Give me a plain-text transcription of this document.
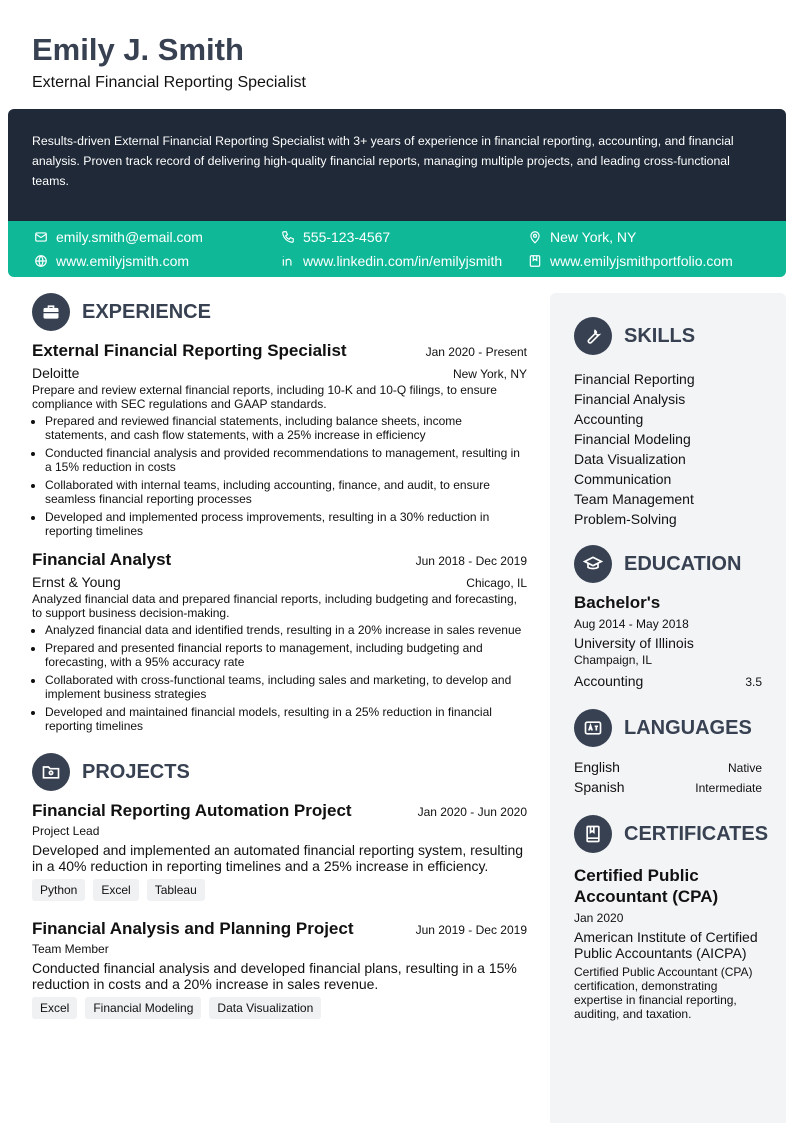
Emily J. Smith
External Financial Reporting Specialist
Results-driven External Financial Reporting Specialist with 3+ years of experience in financial reporting, accounting, and financial analysis. Proven track record of delivering high-quality financial reports, managing multiple projects, and leading cross-functional teams.
emily.smith@email.com	555-123-4567	New York, NY
www.emilyjsmith.com	www.linkedin.com/in/emilyjsmith	www.emilyjsmithportfolio.com
EXPERIENCE
External Financial Reporting Specialist	Jan 2020 - Present
Deloitte	New York, NY
Prepare and review external financial reports, including 10-K and 10-Q filings, to ensure compliance with SEC regulations and GAAP standards.
• Prepared and reviewed financial statements, including balance sheets, income statements, and cash flow statements, with a 25% increase in efficiency
• Conducted financial analysis and provided recommendations to management, resulting in a 15% reduction in costs
• Collaborated with internal teams, including accounting, finance, and audit, to ensure seamless financial reporting processes
• Developed and implemented process improvements, resulting in a 30% reduction in reporting timelines
Financial Analyst	Jun 2018 - Dec 2019
Ernst & Young	Chicago, IL
Analyzed financial data and prepared financial reports, including budgeting and forecasting, to support business decision-making.
• Analyzed financial data and identified trends, resulting in a 20% increase in sales revenue
• Prepared and presented financial reports to management, including budgeting and forecasting, with a 95% accuracy rate
• Collaborated with cross-functional teams, including sales and marketing, to develop and implement business strategies
• Developed and maintained financial models, resulting in a 25% reduction in financial reporting timelines
PROJECTS
Financial Reporting Automation Project	Jan 2020 - Jun 2020
Project Lead
Developed and implemented an automated financial reporting system, resulting in a 40% reduction in reporting timelines and a 25% increase in efficiency.
Python	Excel	Tableau
Financial Analysis and Planning Project	Jun 2019 - Dec 2019
Team Member
Conducted financial analysis and developed financial plans, resulting in a 15% reduction in costs and a 20% increase in sales revenue.
Excel	Financial Modeling	Data Visualization
SKILLS
Financial Reporting
Financial Analysis
Accounting
Financial Modeling
Data Visualization
Communication
Team Management
Problem-Solving
EDUCATION
Bachelor's
Aug 2014 - May 2018
University of Illinois
Champaign, IL
Accounting	3.5
LANGUAGES
English	Native
Spanish	Intermediate
CERTIFICATES
Certified Public Accountant (CPA)
Jan 2020
American Institute of Certified Public Accountants (AICPA)
Certified Public Accountant (CPA) certification, demonstrating expertise in financial reporting, auditing, and taxation.
